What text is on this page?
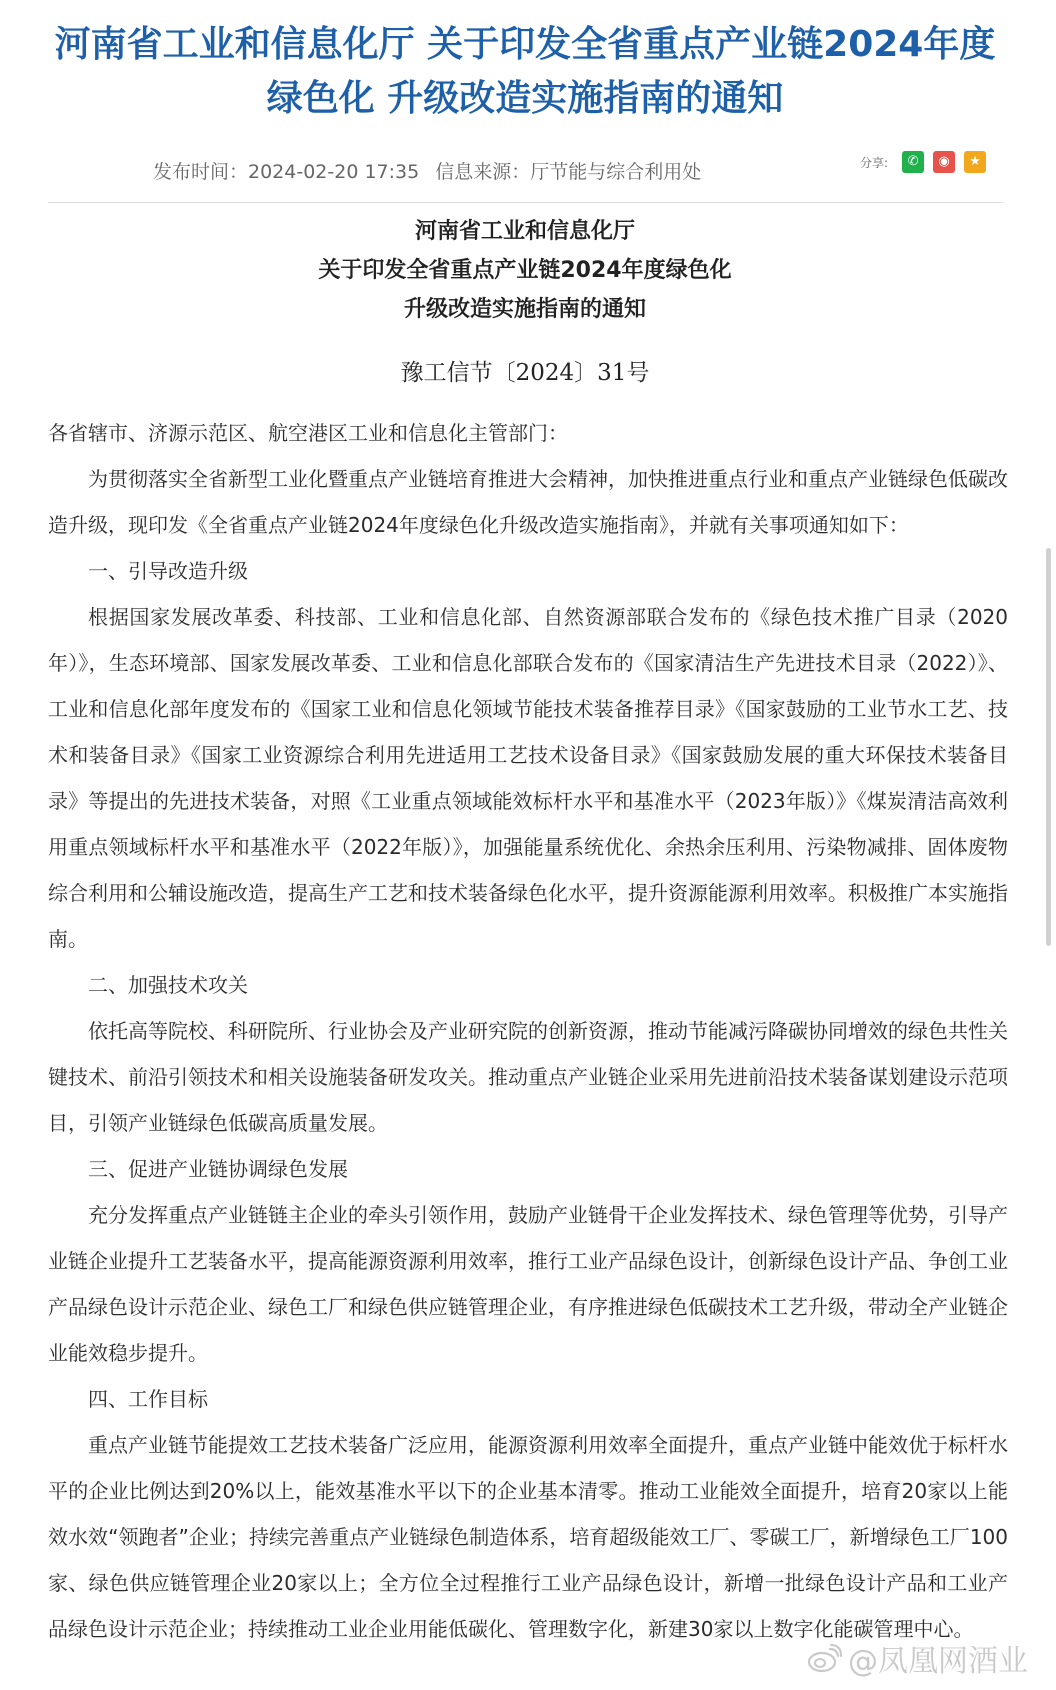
河南省工业和信息化厅 关于印发全省重点产业链2024年度绿色化 升级改造实施指南的通知
发布时间：2024-02-20 17:35 信息来源：厅节能与综合利用处	分享: ✆ ◉ ★
河南省工业和信息化厅
关于印发全省重点产业链2024年度绿色化
升级改造实施指南的通知
豫工信节〔2024〕31号

各省辖市、济源示范区、航空港区工业和信息化主管部门：

为贯彻落实全省新型工业化暨重点产业链培育推进大会精神，加快推进重点行业和重点产业链绿色低碳改造升级，现印发《全省重点产业链2024年度绿色化升级改造实施指南》，并就有关事项通知如下：

一、引导改造升级

根据国家发展改革委、科技部、工业和信息化部、自然资源部联合发布的《绿色技术推广目录（2020年）》，生态环境部、国家发展改革委、工业和信息化部联合发布的《国家清洁生产先进技术目录（2022）》、工业和信息化部年度发布的《国家工业和信息化领域节能技术装备推荐目录》《国家鼓励的工业节水工艺、技术和装备目录》《国家工业资源综合利用先进适用工艺技术设备目录》《国家鼓励发展的重大环保技术装备目录》等提出的先进技术装备，对照《工业重点领域能效标杆水平和基准水平（2023年版）》《煤炭清洁高效利用重点领域标杆水平和基准水平（2022年版）》，加强能量系统优化、余热余压利用、污染物减排、固体废物综合利用和公辅设施改造，提高生产工艺和技术装备绿色化水平，提升资源能源利用效率。积极推广本实施指南。

二、加强技术攻关

依托高等院校、科研院所、行业协会及产业研究院的创新资源，推动节能减污降碳协同增效的绿色共性关键技术、前沿引领技术和相关设施装备研发攻关。推动重点产业链企业采用先进前沿技术装备谋划建设示范项目，引领产业链绿色低碳高质量发展。

三、促进产业链协调绿色发展

充分发挥重点产业链链主企业的牵头引领作用，鼓励产业链骨干企业发挥技术、绿色管理等优势，引导产业链企业提升工艺装备水平，提高能源资源利用效率，推行工业产品绿色设计，创新绿色设计产品、争创工业产品绿色设计示范企业、绿色工厂和绿色供应链管理企业，有序推进绿色低碳技术工艺升级，带动全产业链企业能效稳步提升。

四、工作目标

重点产业链节能提效工艺技术装备广泛应用，能源资源利用效率全面提升，重点产业链中能效优于标杆水平的企业比例达到20%以上，能效基准水平以下的企业基本清零。推动工业能效全面提升，培育20家以上能效水效“领跑者”企业；持续完善重点产业链绿色制造体系，培育超级能效工厂、零碳工厂，新增绿色工厂100家、绿色供应链管理企业20家以上；全方位全过程推行工业产品绿色设计，新增一批绿色设计产品和工业产品绿色设计示范企业；持续推动工业企业用能低碳化、管理数字化，新建30家以上数字化能碳管理中心。

@凤凰网酒业
